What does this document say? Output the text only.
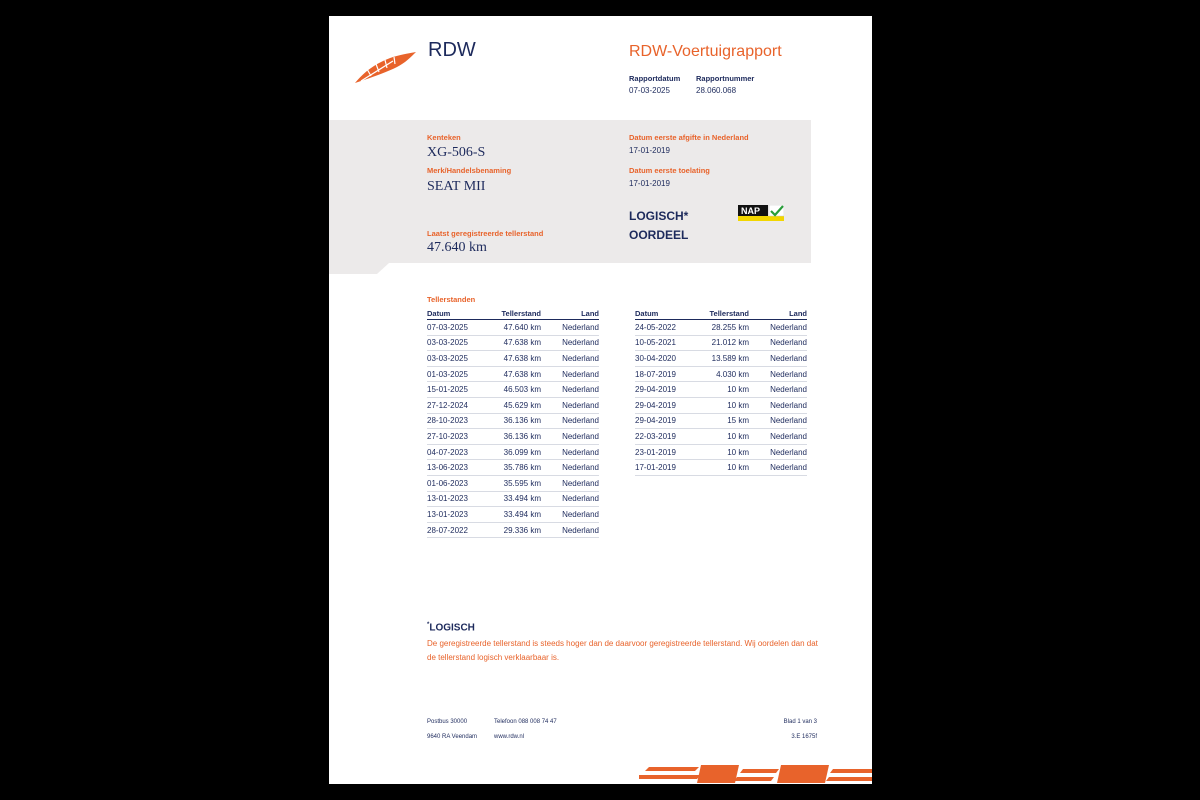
RDW	RDW-Voertuigrapport
Rapportdatum
07-03-2025
Rapportnummer
28.060.068
Kenteken
XG-506-S
Merk/Handelsbenaming
SEAT MII
Laatst geregistreerde tellerstand
47.640 km
Datum eerste afgifte in Nederland
17-01-2019
Datum eerste toelating
17-01-2019
LOGISCH*
OORDEEL
NAP
Tellerstanden
Datum	Tellerstand	Land
07-03-2025	47.640 km	Nederland
03-03-2025	47.638 km	Nederland
03-03-2025	47.638 km	Nederland
01-03-2025	47.638 km	Nederland
15-01-2025	46.503 km	Nederland
27-12-2024	45.629 km	Nederland
28-10-2023	36.136 km	Nederland
27-10-2023	36.136 km	Nederland
04-07-2023	36.099 km	Nederland
13-06-2023	35.786 km	Nederland
01-06-2023	35.595 km	Nederland
13-01-2023	33.494 km	Nederland
13-01-2023	33.494 km	Nederland
28-07-2022	29.336 km	Nederland
Datum	Tellerstand	Land
24-05-2022	28.255 km	Nederland
10-05-2021	21.012 km	Nederland
30-04-2020	13.589 km	Nederland
18-07-2019	4.030 km	Nederland
29-04-2019	10 km	Nederland
29-04-2019	10 km	Nederland
29-04-2019	15 km	Nederland
22-03-2019	10 km	Nederland
23-01-2019	10 km	Nederland
17-01-2019	10 km	Nederland
*LOGISCH
De geregistreerde tellerstand is steeds hoger dan de daarvoor geregistreerde tellerstand. Wij oordelen dan dat de tellerstand logisch verklaarbaar is.
Postbus 30000
9640 RA Veendam
Telefoon 088 008 74 47
www.rdw.nl
Blad 1 van 3
3.E 1675f
